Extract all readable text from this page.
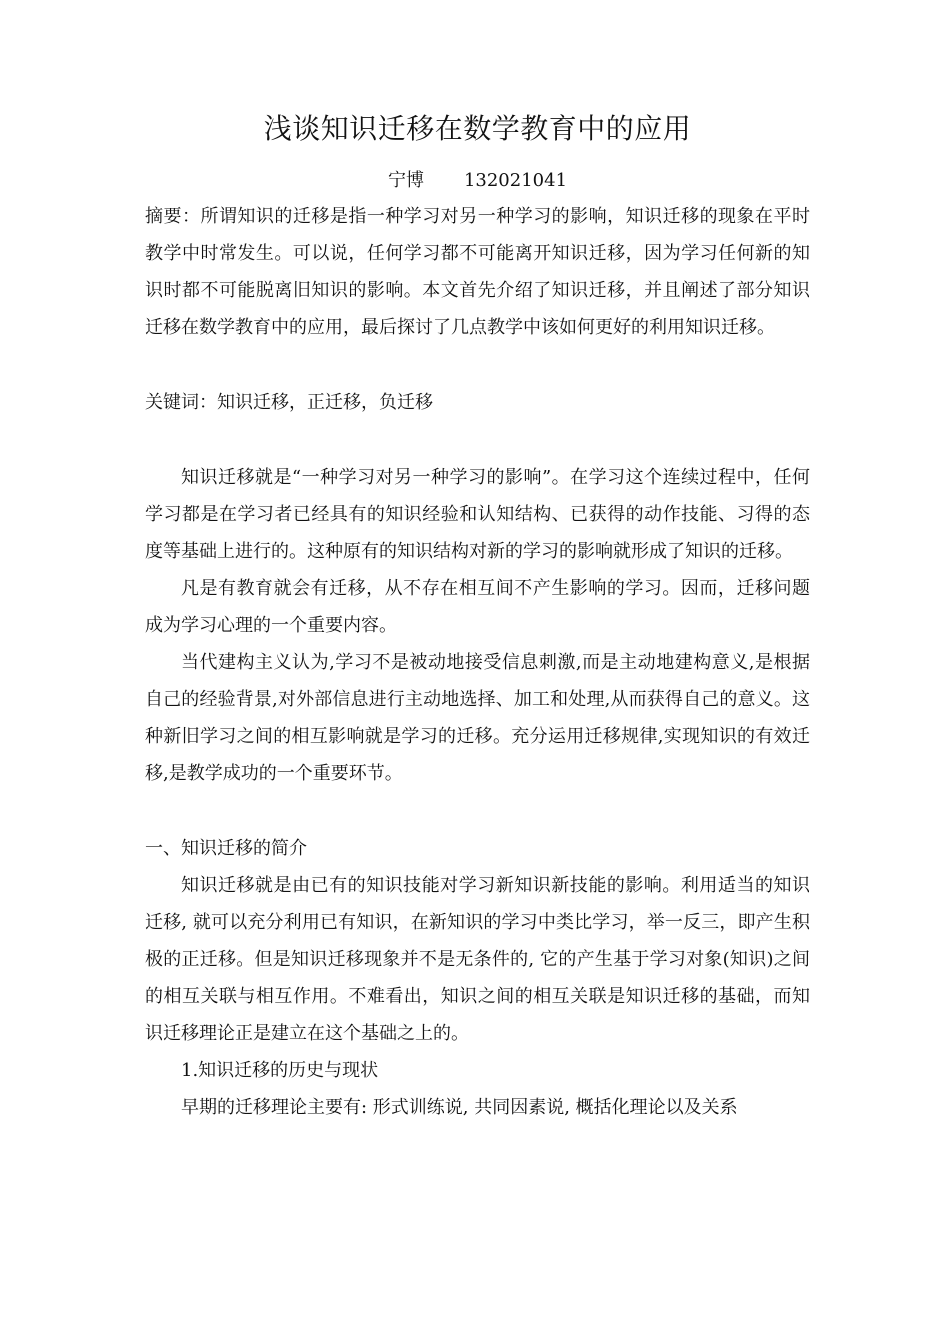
浅谈知识迁移在数学教育中的应用
宁博 132021041

摘要：所谓知识的迁移是指一种学习对另一种学习的影响，知识迁移的现象在平时教学中时常发生。可以说，任何学习都不可能离开知识迁移，因为学习任何新的知识时都不可能脱离旧知识的影响。本文首先介绍了知识迁移，并且阐述了部分知识迁移在数学教育中的应用，最后探讨了几点教学中该如何更好的利用知识迁移。

关键词：知识迁移，正迁移，负迁移

知识迁移就是“一种学习对另一种学习的影响”。在学习这个连续过程中，任何学习都是在学习者已经具有的知识经验和认知结构、已获得的动作技能、习得的态度等基础上进行的。这种原有的知识结构对新的学习的影响就形成了知识的迁移。

凡是有教育就会有迁移，从不存在相互间不产生影响的学习。因而，迁移问题成为学习心理的一个重要内容。

当代建构主义认为,学习不是被动地接受信息刺激,而是主动地建构意义,是根据自己的经验背景,对外部信息进行主动地选择、加工和处理,从而获得自己的意义。这种新旧学习之间的相互影响就是学习的迁移。充分运用迁移规律,实现知识的有效迁移,是教学成功的一个重要环节。

一、知识迁移的简介

知识迁移就是由已有的知识技能对学习新知识新技能的影响。利用适当的知识迁移, 就可以充分利用已有知识，在新知识的学习中类比学习，举一反三，即产生积极的正迁移。但是知识迁移现象并不是无条件的, 它的产生基于学习对象(知识)之间的相互关联与相互作用。不难看出，知识之间的相互关联是知识迁移的基础，而知识迁移理论正是建立在这个基础之上的。

1.知识迁移的历史与现状

早期的迁移理论主要有: 形式训练说, 共同因素说, 概括化理论以及关系
